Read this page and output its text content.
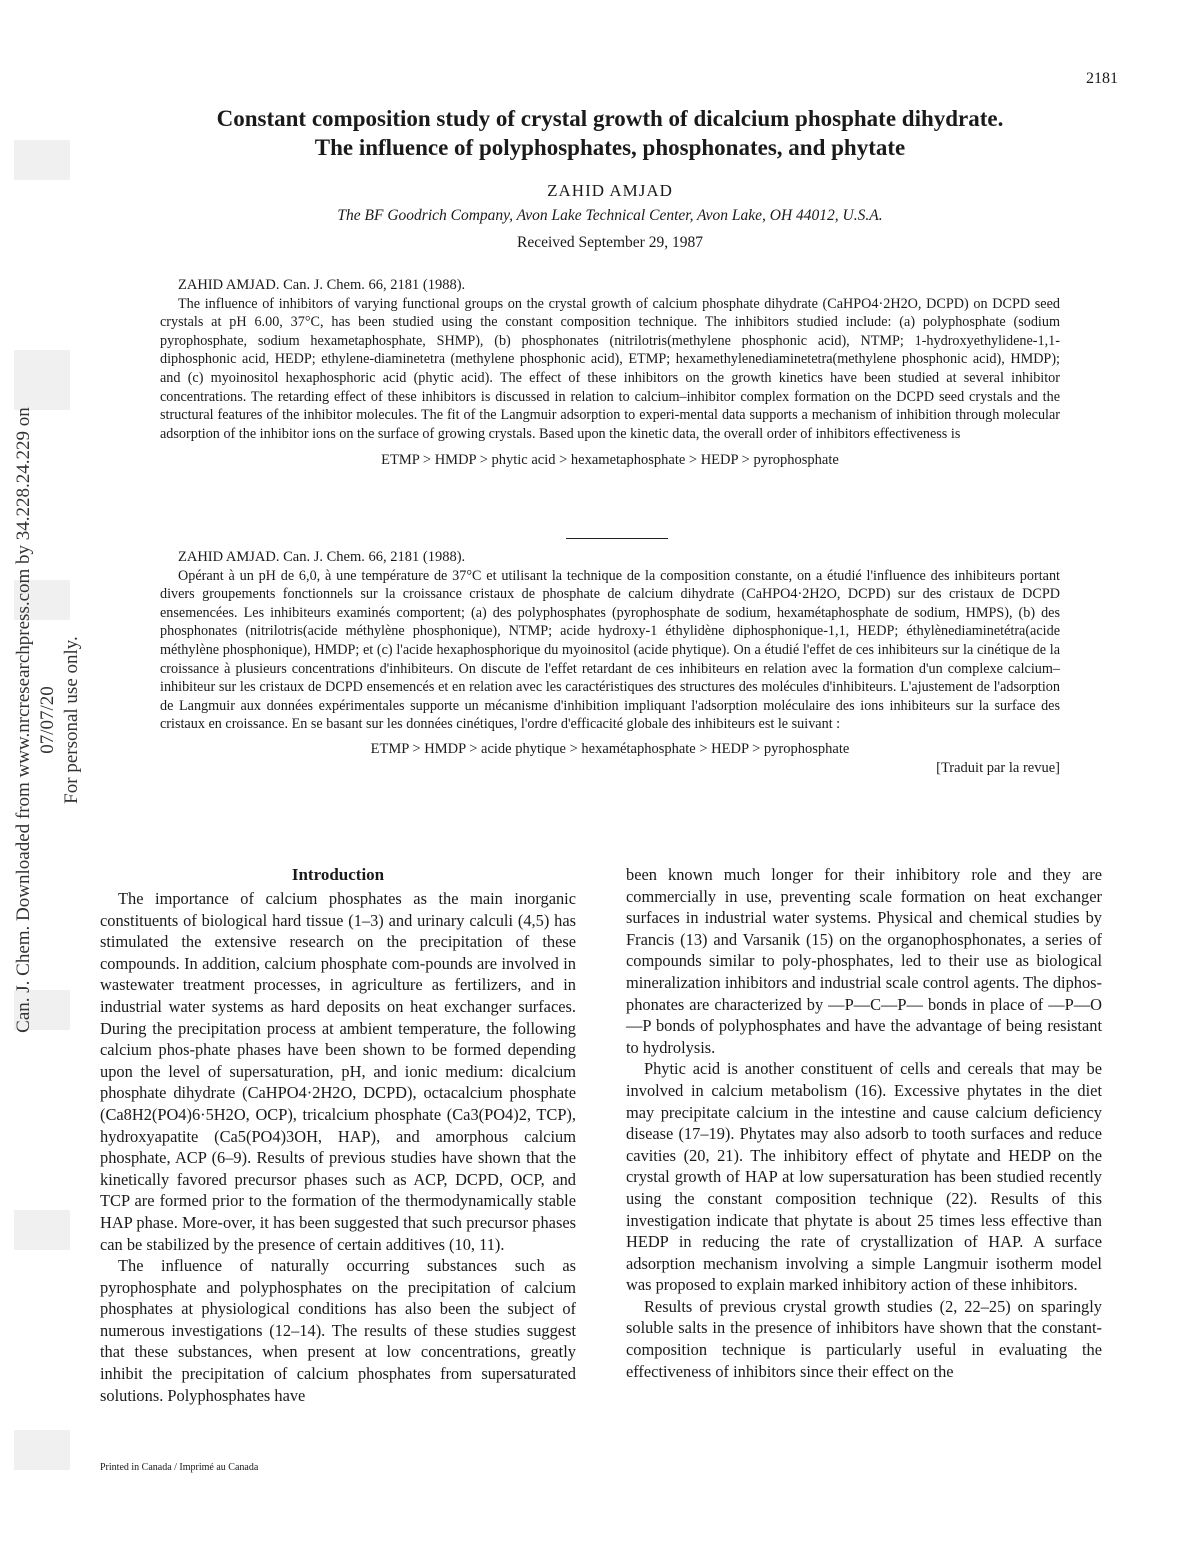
2181
Can. J. Chem. Downloaded from www.nrcresearchpress.com by 34.228.24.229 on 07/07/20 For personal use only.
Constant composition study of crystal growth of dicalcium phosphate dihydrate.
The influence of polyphosphates, phosphonates, and phytate
ZAHID AMJAD
The BF Goodrich Company, Avon Lake Technical Center, Avon Lake, OH 44012, U.S.A.
Received September 29, 1987
ZAHID AMJAD. Can. J. Chem. 66, 2181 (1988).

The influence of inhibitors of varying functional groups on the crystal growth of calcium phosphate dihydrate (CaHPO4·2H2O, DCPD) on DCPD seed crystals at pH 6.00, 37°C, has been studied using the constant composition technique. The inhibitors studied include: (a) polyphosphate (sodium pyrophosphate, sodium hexametaphosphate, SHMP), (b) phosphonates (nitrilotris(methylene phosphonic acid), NTMP; 1-hydroxyethylidene-1,1-diphosphonic acid, HEDP; ethylene-diaminetetra (methylene phosphonic acid), ETMP; hexamethylenediaminetetra(methylene phosphonic acid), HMDP); and (c) myoinositol hexaphosphoric acid (phytic acid). The effect of these inhibitors on the growth kinetics have been studied at several inhibitor concentrations. The retarding effect of these inhibitors is discussed in relation to calcium–inhibitor complex formation on the DCPD seed crystals and the structural features of the inhibitor molecules. The fit of the Langmuir adsorption to experi-mental data supports a mechanism of inhibition through molecular adsorption of the inhibitor ions on the surface of growing crystals. Based upon the kinetic data, the overall order of inhibitors effectiveness is

ETMP > HMDP > phytic acid > hexametaphosphate > HEDP > pyrophosphate
ZAHID AMJAD. Can. J. Chem. 66, 2181 (1988).

Opérant à un pH de 6,0, à une température de 37°C et utilisant la technique de la composition constante, on a étudié l'influence des inhibiteurs portant divers groupements fonctionnels sur la croissance cristaux de phosphate de calcium dihydrate (CaHPO4·2H2O, DCPD) sur des cristaux de DCPD ensemencées. Les inhibiteurs examinés comportent; (a) des polyphosphates (pyrophosphate de sodium, hexamétaphosphate de sodium, HMPS), (b) des phosphonates (nitrilotris(acide méthylène phosphonique), NTMP; acide hydroxy-1 éthylidène diphosphonique-1,1, HEDP; éthylènediaminetétra(acide méthylène phosphonique), HMDP; et (c) l'acide hexaphosphorique du myoinositol (acide phytique). On a étudié l'effet de ces inhibiteurs sur la cinétique de la croissance à plusieurs concentrations d'inhibiteurs. On discute de l'effet retardant de ces inhibiteurs en relation avec la formation d'un complexe calcium–inhibiteur sur les cristaux de DCPD ensemencés et en relation avec les caractéristiques des structures des molécules d'inhibiteurs. L'ajustement de l'adsorption de Langmuir aux données expérimentales supporte un mécanisme d'inhibition impliquant l'adsorption moléculaire des ions inhibiteurs sur la surface des cristaux en croissance. En se basant sur les données cinétiques, l'ordre d'efficacité globale des inhibiteurs est le suivant :

ETMP > HMDP > acide phytique > hexamétaphosphate > HEDP > pyrophosphate
[Traduit par la revue]
Introduction

The importance of calcium phosphates as the main inorganic constituents of biological hard tissue (1–3) and urinary calculi (4,5) has stimulated the extensive research on the precipitation of these compounds. In addition, calcium phosphate com-pounds are involved in wastewater treatment processes, in agriculture as fertilizers, and in industrial water systems as hard deposits on heat exchanger surfaces. During the precipitation process at ambient temperature, the following calcium phos-phate phases have been shown to be formed depending upon the level of supersaturation, pH, and ionic medium: dicalcium phosphate dihydrate (CaHPO4·2H2O, DCPD), octacalcium phosphate (Ca8H2(PO4)6·5H2O, OCP), tricalcium phosphate (Ca3(PO4)2, TCP), hydroxyapatite (Ca5(PO4)3OH, HAP), and amorphous calcium phosphate, ACP (6–9). Results of previous studies have shown that the kinetically favored precursor phases such as ACP, DCPD, OCP, and TCP are formed prior to the formation of the thermodynamically stable HAP phase. More-over, it has been suggested that such precursor phases can be stabilized by the presence of certain additives (10, 11).

The influence of naturally occurring substances such as pyrophosphate and polyphosphates on the precipitation of calcium phosphates at physiological conditions has also been the subject of numerous investigations (12–14). The results of these studies suggest that these substances, when present at low concentrations, greatly inhibit the precipitation of calcium phosphates from supersaturated solutions. Polyphosphates have

been known much longer for their inhibitory role and they are commercially in use, preventing scale formation on heat exchanger surfaces in industrial water systems. Physical and chemical studies by Francis (13) and Varsanik (15) on the organophosphonates, a series of compounds similar to poly-phosphates, led to their use as biological mineralization inhibitors and industrial scale control agents. The diphos-phonates are characterized by —P—C—P— bonds in place of —P—O—P bonds of polyphosphates and have the advantage of being resistant to hydrolysis.

Phytic acid is another constituent of cells and cereals that may be involved in calcium metabolism (16). Excessive phytates in the diet may precipitate calcium in the intestine and cause calcium deficiency disease (17–19). Phytates may also adsorb to tooth surfaces and reduce cavities (20, 21). The inhibitory effect of phytate and HEDP on the crystal growth of HAP at low supersaturation has been studied recently using the constant composition technique (22). Results of this investigation indicate that phytate is about 25 times less effective than HEDP in reducing the rate of crystallization of HAP. A surface adsorption mechanism involving a simple Langmuir isotherm model was proposed to explain marked inhibitory action of these inhibitors.

Results of previous crystal growth studies (2, 22–25) on sparingly soluble salts in the presence of inhibitors have shown that the constant-composition technique is particularly useful in evaluating the effectiveness of inhibitors since their effect on the

Printed in Canada / Imprimé au Canada
